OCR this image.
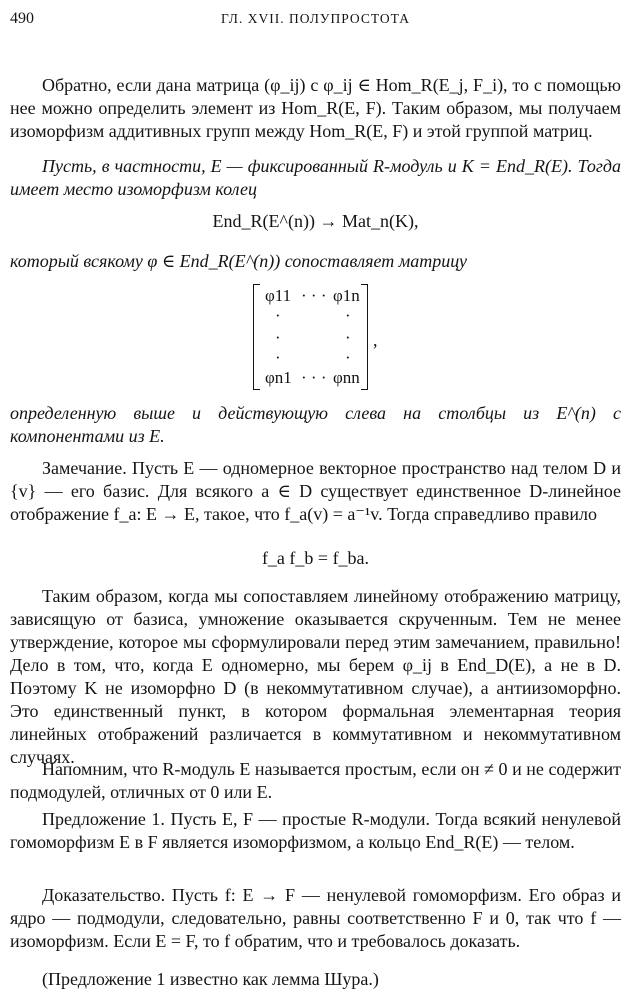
490	ГЛ. XVII. ПОЛУПРОСТОТА
Обратно, если дана матрица (φ_ij) с φ_ij ∈ Hom_R(E_j, F_i), то с помощью нее можно определить элемент из Hom_R(E, F). Таким образом, мы получаем изоморфизм аддитивных групп между Hom_R(E, F) и этой группой матриц.
Пусть, в частности, E — фиксированный R-модуль и K = End_R(E). Тогда имеет место изоморфизм колец
End_R(E^(n)) → Mat_n(K),
который всякому φ ∈ End_R(E^(n)) сопоставляет матрицу
φ11 · · · φ1n
·	·
·	·
·	·
φn1 · · · φnn
,
определенную выше и действующую слева на столбцы из E^(n) с компонентами из E.
Замечание. Пусть E — одномерное векторное пространство над телом D и {v} — его базис. Для всякого a ∈ D существует единственное D-линейное отображение f_a: E → E, такое, что f_a(v) = a⁻¹v. Тогда справедливо правило
f_a f_b = f_ba.
Таким образом, когда мы сопоставляем линейному отображению матрицу, зависящую от базиса, умножение оказывается скрученным. Тем не менее утверждение, которое мы сформулировали перед этим замечанием, правильно! Дело в том, что, когда E одномерно, мы берем φ_ij в End_D(E), а не в D. Поэтому K не изоморфно D (в некоммутативном случае), а антиизоморфно. Это единственный пункт, в котором формальная элементарная теория линейных отображений различается в коммутативном и некоммутативном случаях.
Напомним, что R-модуль E называется простым, если он ≠ 0 и не содержит подмодулей, отличных от 0 или E.
Предложение 1. Пусть E, F — простые R-модули. Тогда всякий ненулевой гомоморфизм E в F является изоморфизмом, а кольцо End_R(E) — телом.
Доказательство. Пусть f: E → F — ненулевой гомоморфизм. Его образ и ядро — подмодули, следовательно, равны соответственно F и 0, так что f — изоморфизм. Если E = F, то f обратим, что и требовалось доказать.
(Предложение 1 известно как лемма Шура.)
